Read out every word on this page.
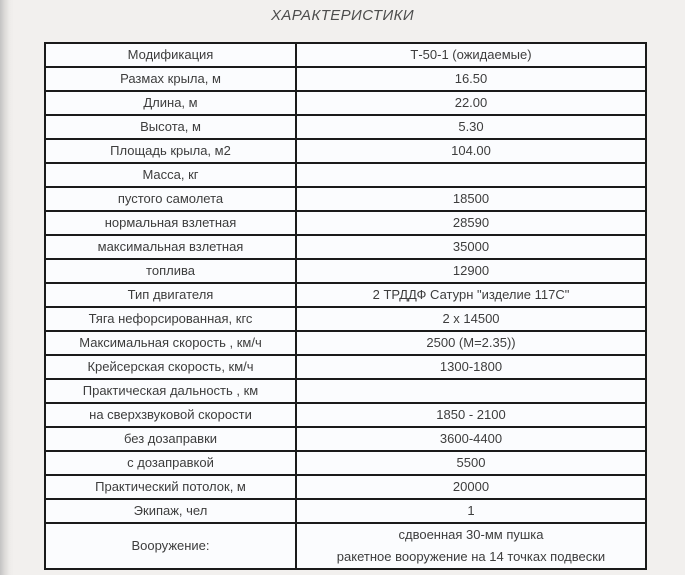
ХАРАКТЕРИСТИКИ
Модификация	Т-50-1 (ожидаемые)
Размах крыла, м	16.50
Длина, м	22.00
Высота, м	5.30
Площадь крыла, м2	104.00
Масса, кг	
пустого самолета	18500
нормальная взлетная	28590
максимальная взлетная	35000
топлива	12900
Тип двигателя	2 ТРДДФ Сатурн "изделие 117С"
Тяга нефорсированная, кгс	2 х 14500
Максимальная скорость , км/ч	2500 (М=2.35))
Крейсерская скорость, км/ч	1300-1800
Практическая дальность , км	
на сверхзвуковой скорости	1850 - 2100
без дозаправки	3600-4400
с дозаправкой	5500
Практический потолок, м	20000
Экипаж, чел	1
Вооружение:	сдвоенная 30-мм пушка
ракетное вооружение на 14 точках подвески
